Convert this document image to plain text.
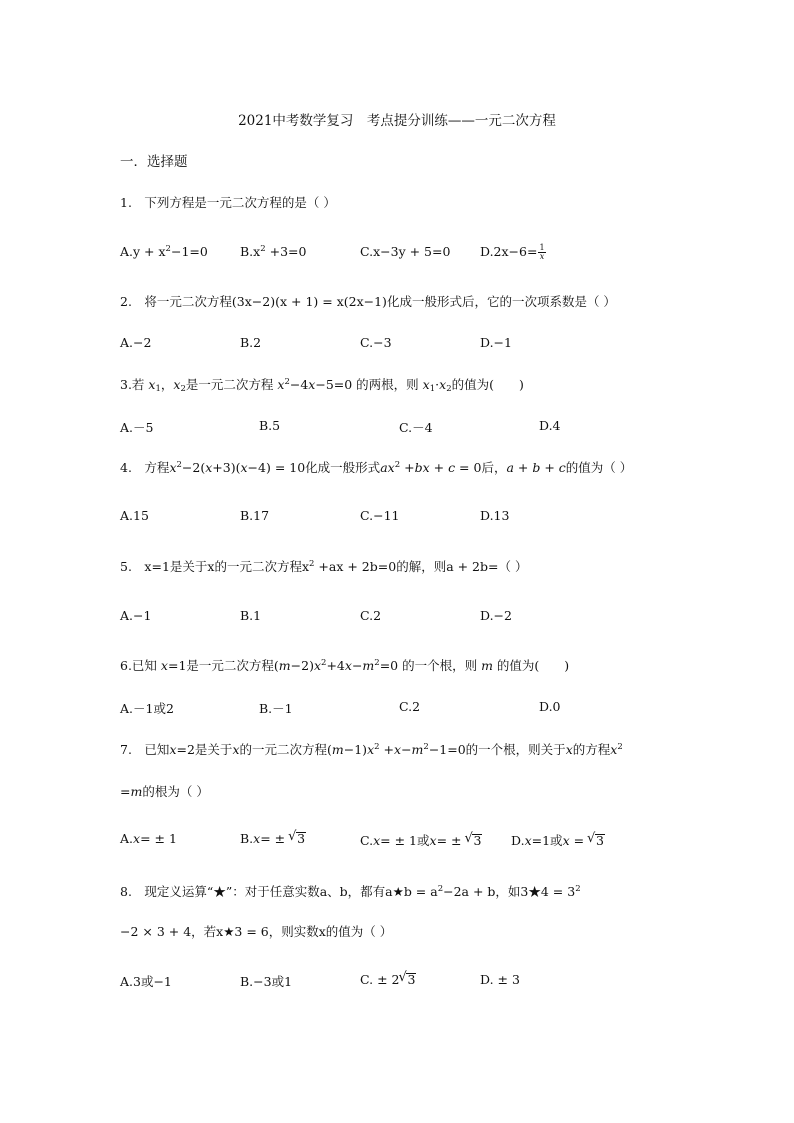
2021中考数学复习　考点提分训练——一元二次方程
一．选择题
1.　下列方程是一元二次方程的是（ ）
$A.y + x^2-1=0$	$B.x^2 +3=0$	C.x−3y + 5=0 $D.2x-6= \frac{1}{x}$
2.　将一元二次方程(3x−2)(x + 1) = x(2x−1)化成一般形式后，它的一次项系数是（ ）
A.−2	B.2	C.−3	D.−1
3.若 $x_1$，$x_2$是一元二次方程 $x^2-4x-5=0$ 的两根，则 $x_1\cdot x_2$的值为(　　)
A.－5	B.5	C.－4	D.4
4.　方程$x^2-2(x+3)(x-4) = 10$化成一般形式$ax^2 +bx + c = 0$后，a + b + c的值为（ ）
A.15	B.17	C.−11	D.13
5.　x=1是关于x的一元二次方程$x^2 +ax + 2b=0$的解，则a + 2b=（ ）
A.−1	B.1	C.2	D.−2
6.已知 x=1是一元二次方程$(m-2)x^2+4x-m^2=0$ 的一个根，则 m 的值为(　　)
A.－1或2	B.－1	C.2	D.0
7.　已知x=2是关于x的一元二次方程$(m-1)x^2 +x-m^2-1=0$的一个根，则关于x的方程$x^2$
=m的根为（ ）
A.x= ± 1	B.x= ± √ 3	C.x= ± 1或x= ± √ 3 D.x=1或x = √ 3
8.　现定义运算“★”：对于任意实数a、b，都有a★b = $a^2-2a + b$，如3★4 = $3^2$
−2 × 3 + 4，若x★3 = 6，则实数x的值为（ ）
A.3或−1	B.−3或1	C. ± 2√ 3	D. ± 3
